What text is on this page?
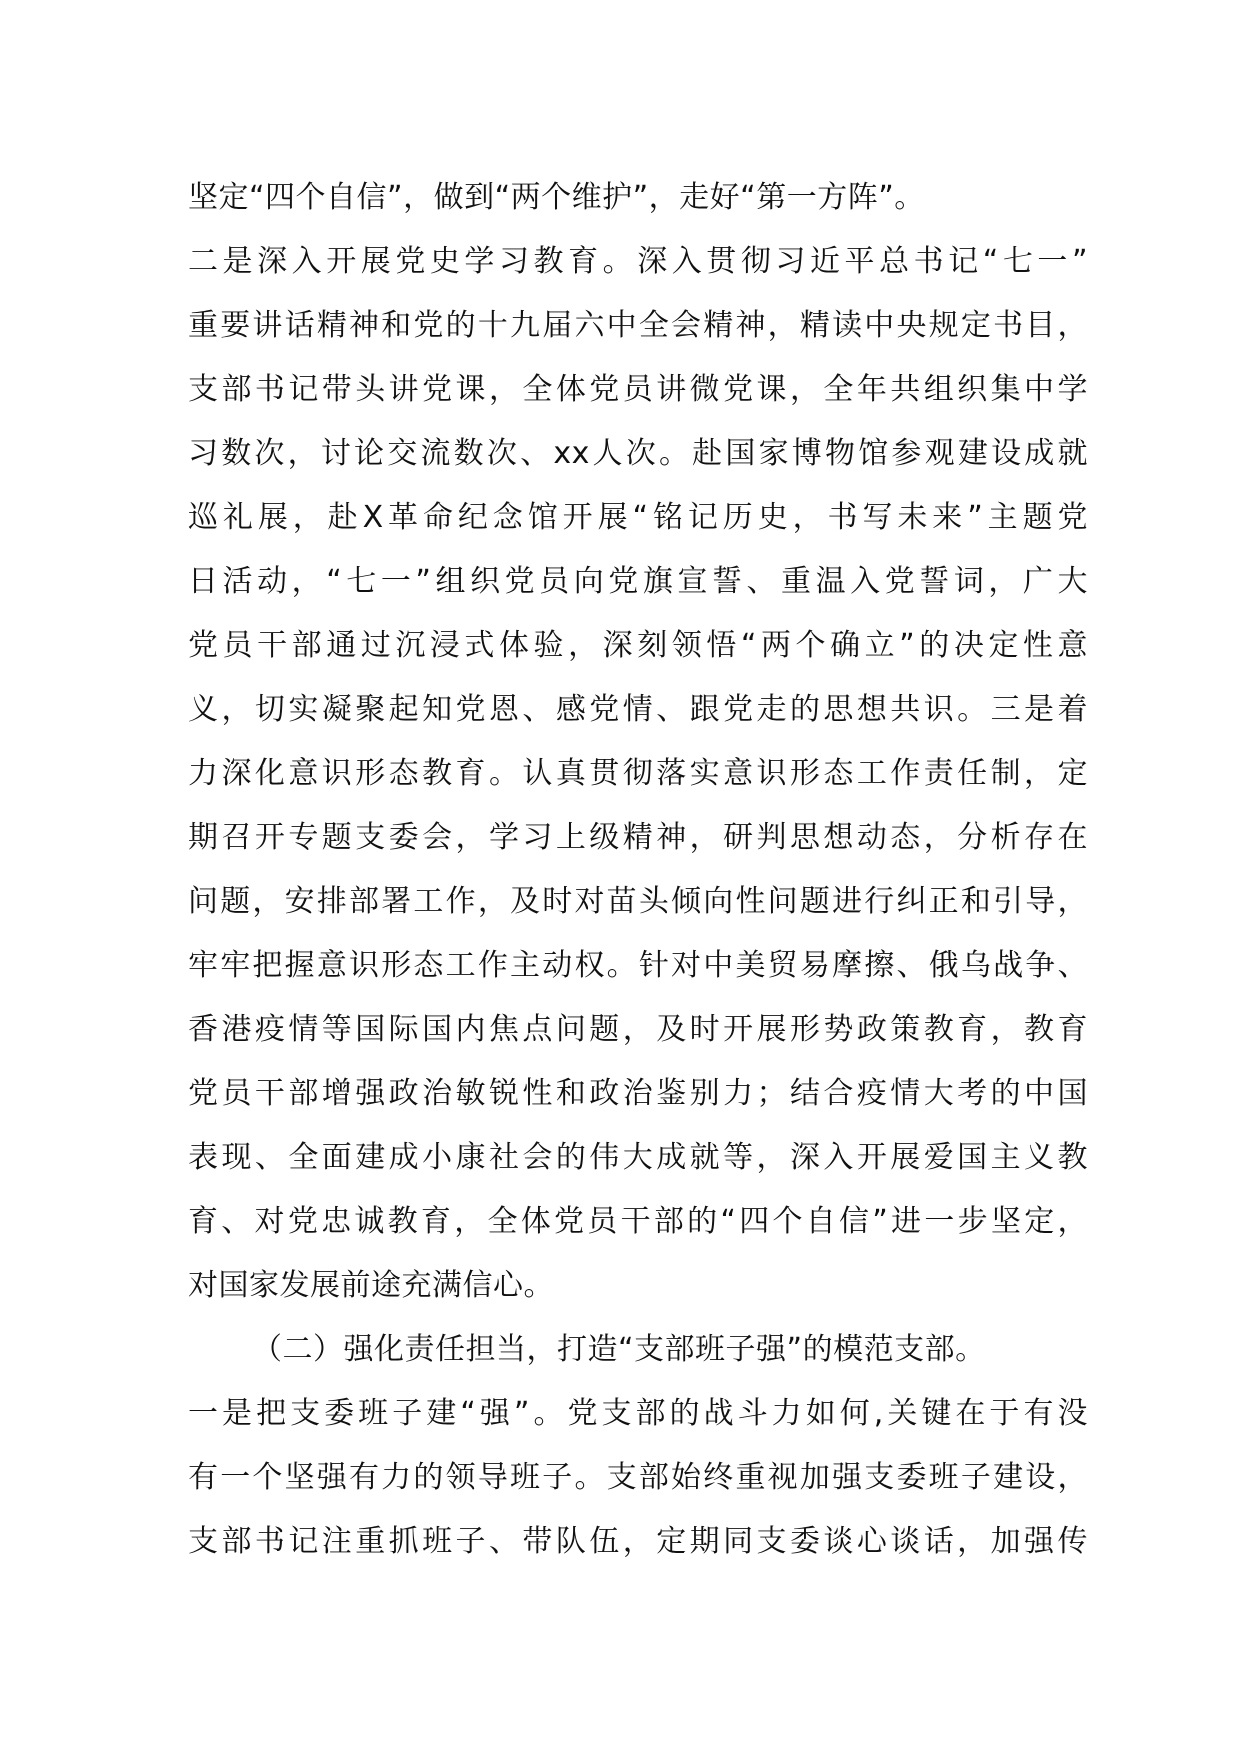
坚定“四个自信”，做到“两个维护”，走好“第一方阵”。
二是深入开展党史学习教育。深入贯彻习近平总书记“七一”
重要讲话精神和党的十九届六中全会精神，精读中央规定书目，
支部书记带头讲党课，全体党员讲微党课，全年共组织集中学
习数次，讨论交流数次、xx人次。赴国家博物馆参观建设成就
巡礼展，赴X革命纪念馆开展“铭记历史，书写未来”主题党
日活动，“七一”组织党员向党旗宣誓、重温入党誓词，广大
党员干部通过沉浸式体验，深刻领悟“两个确立”的决定性意
义，切实凝聚起知党恩、感党情、跟党走的思想共识。三是着
力深化意识形态教育。认真贯彻落实意识形态工作责任制，定
期召开专题支委会，学习上级精神，研判思想动态，分析存在
问题，安排部署工作，及时对苗头倾向性问题进行纠正和引导，
牢牢把握意识形态工作主动权。针对中美贸易摩擦、俄乌战争、
香港疫情等国际国内焦点问题，及时开展形势政策教育，教育
党员干部增强政治敏锐性和政治鉴别力；结合疫情大考的中国
表现、全面建成小康社会的伟大成就等，深入开展爱国主义教
育、对党忠诚教育，全体党员干部的“四个自信”进一步坚定，
对国家发展前途充满信心。
（二）强化责任担当，打造“支部班子强”的模范支部。
一是把支委班子建“强”。党支部的战斗力如何,关键在于有没
有一个坚强有力的领导班子。支部始终重视加强支委班子建设，
支部书记注重抓班子、带队伍，定期同支委谈心谈话，加强传
